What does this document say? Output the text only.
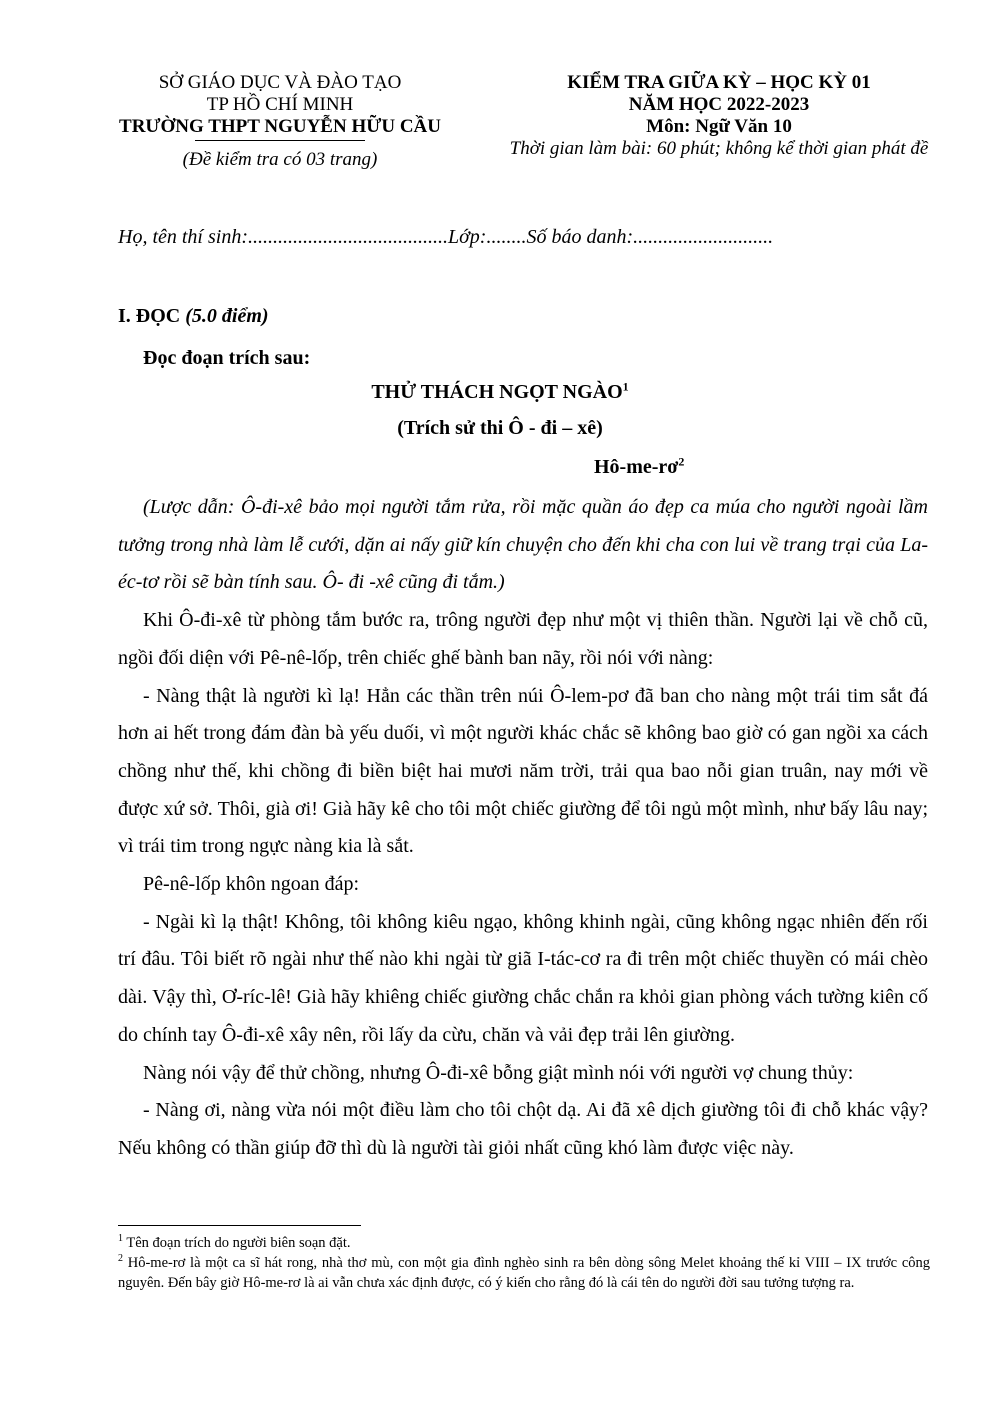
SỞ GIÁO DỤC VÀ ĐÀO TẠO
TP HỒ CHÍ MINH
TRƯỜNG THPT NGUYỄN HỮU CẦU
(Đề kiểm tra có 03 trang)
KIỂM TRA GIỮA KỲ – HỌC KỲ 01
NĂM HỌC 2022-2023
Môn: Ngữ Văn 10
Thời gian làm bài: 60 phút; không kể thời gian phát đề
Họ, tên thí sinh:........................................Lớp:........Số báo danh:............................
I. ĐỌC (5.0 điểm)
Đọc đoạn trích sau:
THỬ THÁCH NGỌT NGÀO$^1$
(Trích sử thi Ô - đi – xê)
$Hô-me-rơ^2$

(Lược dẫn: Ô-đi-xê bảo mọi người tắm rửa, rồi mặc quần áo đẹp ca múa cho người ngoài lầm tưởng trong nhà làm lễ cưới, dặn ai nấy giữ kín chuyện cho đến khi cha con lui về trang trại của La-éc-tơ rồi sẽ bàn tính sau. Ô- đi -xê cũng đi tắm.)

Khi Ô-đi-xê từ phòng tắm bước ra, trông người đẹp như một vị thiên thần. Người lại về chỗ cũ, ngồi đối diện với Pê-nê-lốp, trên chiếc ghế bành ban nãy, rồi nói với nàng:

- Nàng thật là người kì lạ! Hẳn các thần trên núi Ô-lem-pơ đã ban cho nàng một trái tim sắt đá hơn ai hết trong đám đàn bà yếu duối, vì một người khác chắc sẽ không bao giờ có gan ngồi xa cách chồng như thế, khi chồng đi biền biệt hai mươi năm trời, trải qua bao nỗi gian truân, nay mới về được xứ sở. Thôi, già ơi! Già hãy kê cho tôi một chiếc giường để tôi ngủ một mình, như bấy lâu nay; vì trái tim trong ngực nàng kia là sắt.

Pê-nê-lốp khôn ngoan đáp:

- Ngài kì lạ thật! Không, tôi không kiêu ngạo, không khinh ngài, cũng không ngạc nhiên đến rối trí đâu. Tôi biết rõ ngài như thế nào khi ngài từ giã I-tác-cơ ra đi trên một chiếc thuyền có mái chèo dài. Vậy thì, Ơ-ríc-lê! Già hãy khiêng chiếc giường chắc chắn ra khỏi gian phòng vách tường kiên cố do chính tay Ô-đi-xê xây nên, rồi lấy da cừu, chăn và vải đẹp trải lên giường.

Nàng nói vậy để thử chồng, nhưng Ô-đi-xê bỗng giật mình nói với người vợ chung thủy:

- Nàng ơi, nàng vừa nói một điều làm cho tôi chột dạ. Ai đã xê dịch giường tôi đi chỗ khác vậy? Nếu không có thần giúp đỡ thì dù là người tài giỏi nhất cũng khó làm được việc này.

$^1$ Tên đoạn trích do người biên soạn đặt.

$^2$ Hô-me-rơ là một ca sĩ hát rong, nhà thơ mù, con một gia đình nghèo sinh ra bên dòng sông Melet khoảng thế kỉ VIII – IX trước công nguyên. Đến bây giờ Hô-me-rơ là ai vẫn chưa xác định được, có ý kiến cho rằng đó là cái tên do người đời sau tưởng tượng ra.
